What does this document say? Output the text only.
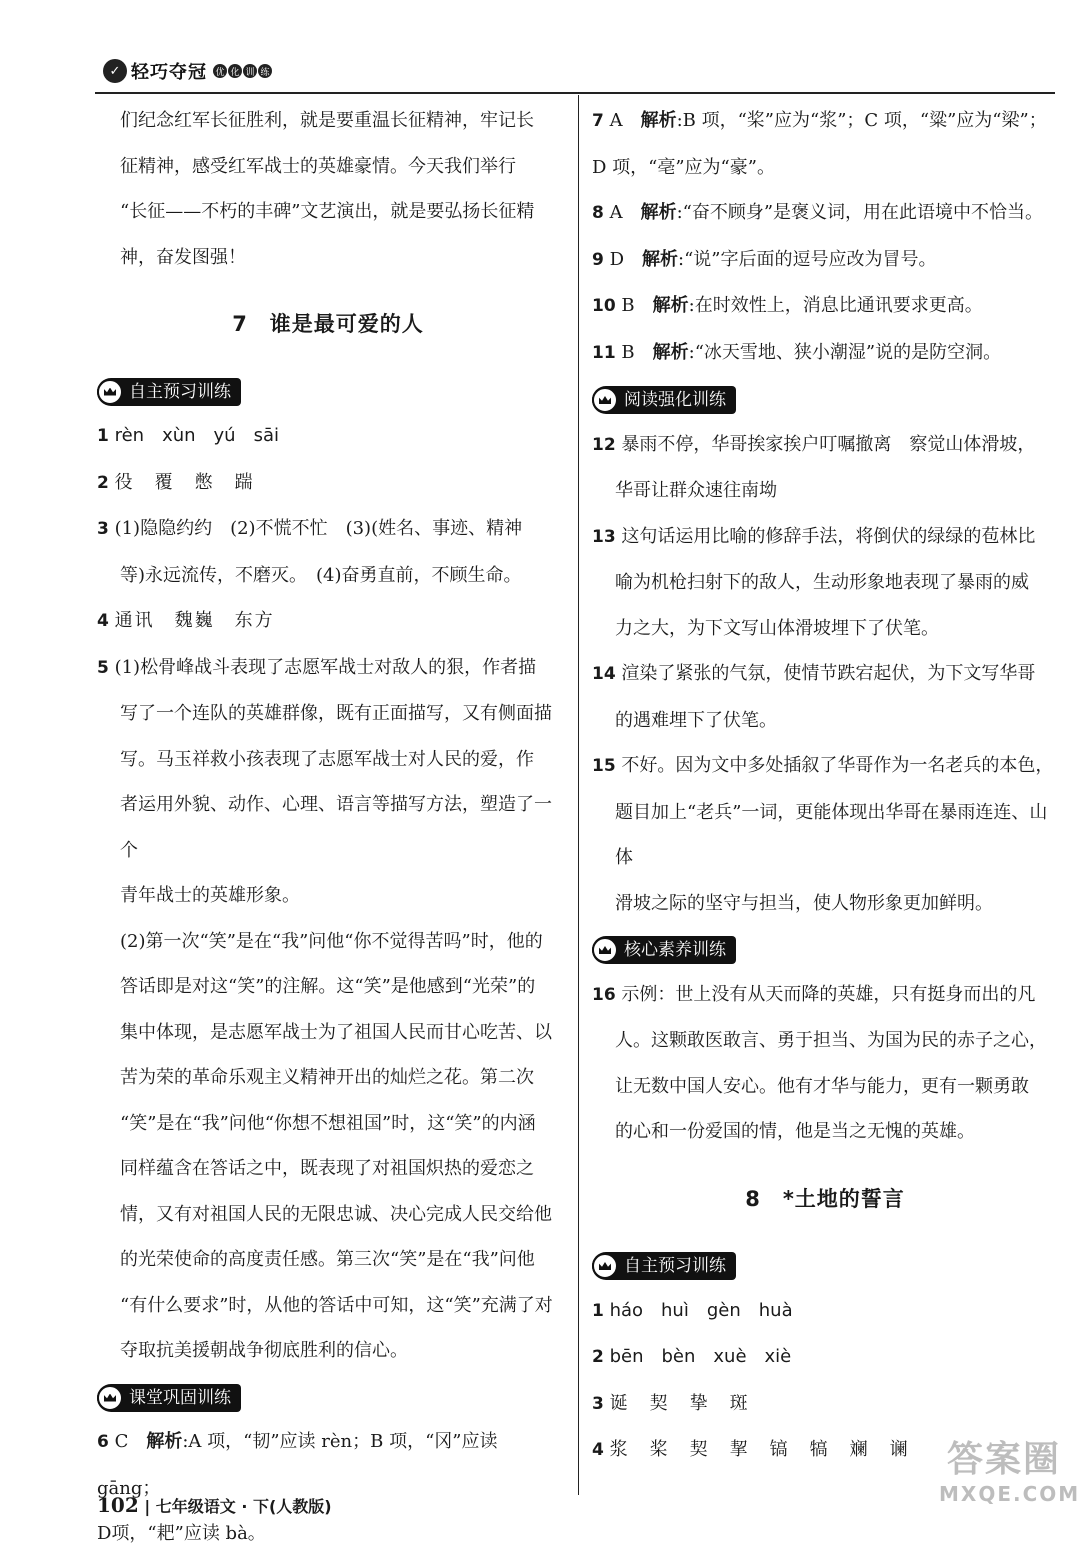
✓ 轻巧夺冠 优 化 训 练

们纪念红军长征胜利，就是要重温长征精神，牢记长

征精神，感受红军战士的英雄豪情。今天我们举行

“长征——不朽的丰碑”文艺演出，就是要弘扬长征精

神，奋发图强！

7　谁是最可爱的人
自主预习训练

1 rèn　xùn　yú　sāi

2 役　覆　憋　踹

3 (1)隐隐约约　(2)不慌不忙　(3)(姓名、事迹、精神

等)永远流传，不磨灭。　(4)奋勇直前，不顾生命。

4 通讯　魏巍　东方

5 (1)松骨峰战斗表现了志愿军战士对敌人的狠，作者描

写了一个连队的英雄群像，既有正面描写，又有侧面描

写。马玉祥救小孩表现了志愿军战士对人民的爱，作

者运用外貌、动作、心理、语言等描写方法，塑造了一个

青年战士的英雄形象。

(2)第一次“笑”是在“我”问他“你不觉得苦吗”时，他的

答话即是对这“笑”的注解。这“笑”是他感到“光荣”的

集中体现，是志愿军战士为了祖国人民而甘心吃苦、以

苦为荣的革命乐观主义精神开出的灿烂之花。第二次

“笑”是在“我”问他“你想不想祖国”时，这“笑”的内涵

同样蕴含在答话之中，既表现了对祖国炽热的爱恋之

情，又有对祖国人民的无限忠诚、决心完成人民交给他

的光荣使命的高度责任感。第三次“笑”是在“我”问他

“有什么要求”时，从他的答话中可知，这“笑”充满了对

夺取抗美援朝战争彻底胜利的信心。

课堂巩固训练

6 C　 解析:A 项，“韧”应读 rèn；B 项，“冈”应读 gāng；

D项，“耙”应读 bà。

7 A　 解析:B 项，“桨”应为“浆”；C 项，“粱”应为“梁”；

D 项，“亳”应为“豪”。

8 A　 解析:“奋不顾身”是褒义词，用在此语境中不恰当。

9 D　 解析:“说”字后面的逗号应改为冒号。

10 B　 解析:在时效性上，消息比通讯要求更高。

11 B　 解析:“冰天雪地、狭小潮湿”说的是防空洞。

阅读强化训练

12 暴雨不停，华哥挨家挨户叮嘱撤离　察觉山体滑坡，

华哥让群众速往南坳

13 这句话运用比喻的修辞手法，将倒伏的绿绿的苞林比

喻为机枪扫射下的敌人，生动形象地表现了暴雨的威

力之大，为下文写山体滑坡埋下了伏笔。

14 渲染了紧张的气氛，使情节跌宕起伏，为下文写华哥

的遇难埋下了伏笔。

15 不好。因为文中多处插叙了华哥作为一名老兵的本色，

题目加上“老兵”一词，更能体现出华哥在暴雨连连、山体

滑坡之际的坚守与担当，使人物形象更加鲜明。

核心素养训练

16 示例：世上没有从天而降的英雄，只有挺身而出的凡

人。这颗敢医敢言、勇于担当、为国为民的赤子之心，

让无数中国人安心。他有才华与能力，更有一颗勇敢

的心和一份爱国的情，他是当之无愧的英雄。

8　*土地的誓言
自主预习训练

1 háo　huì　gèn　huà

2 bēn　bèn　xuè　xiè

3 诞　契　挚　斑

4 浆　桨　契　挈　镐　犒　斓　谰

102 | 七年级语文 · 下(人教版)
答案圈
MXQE.COM
